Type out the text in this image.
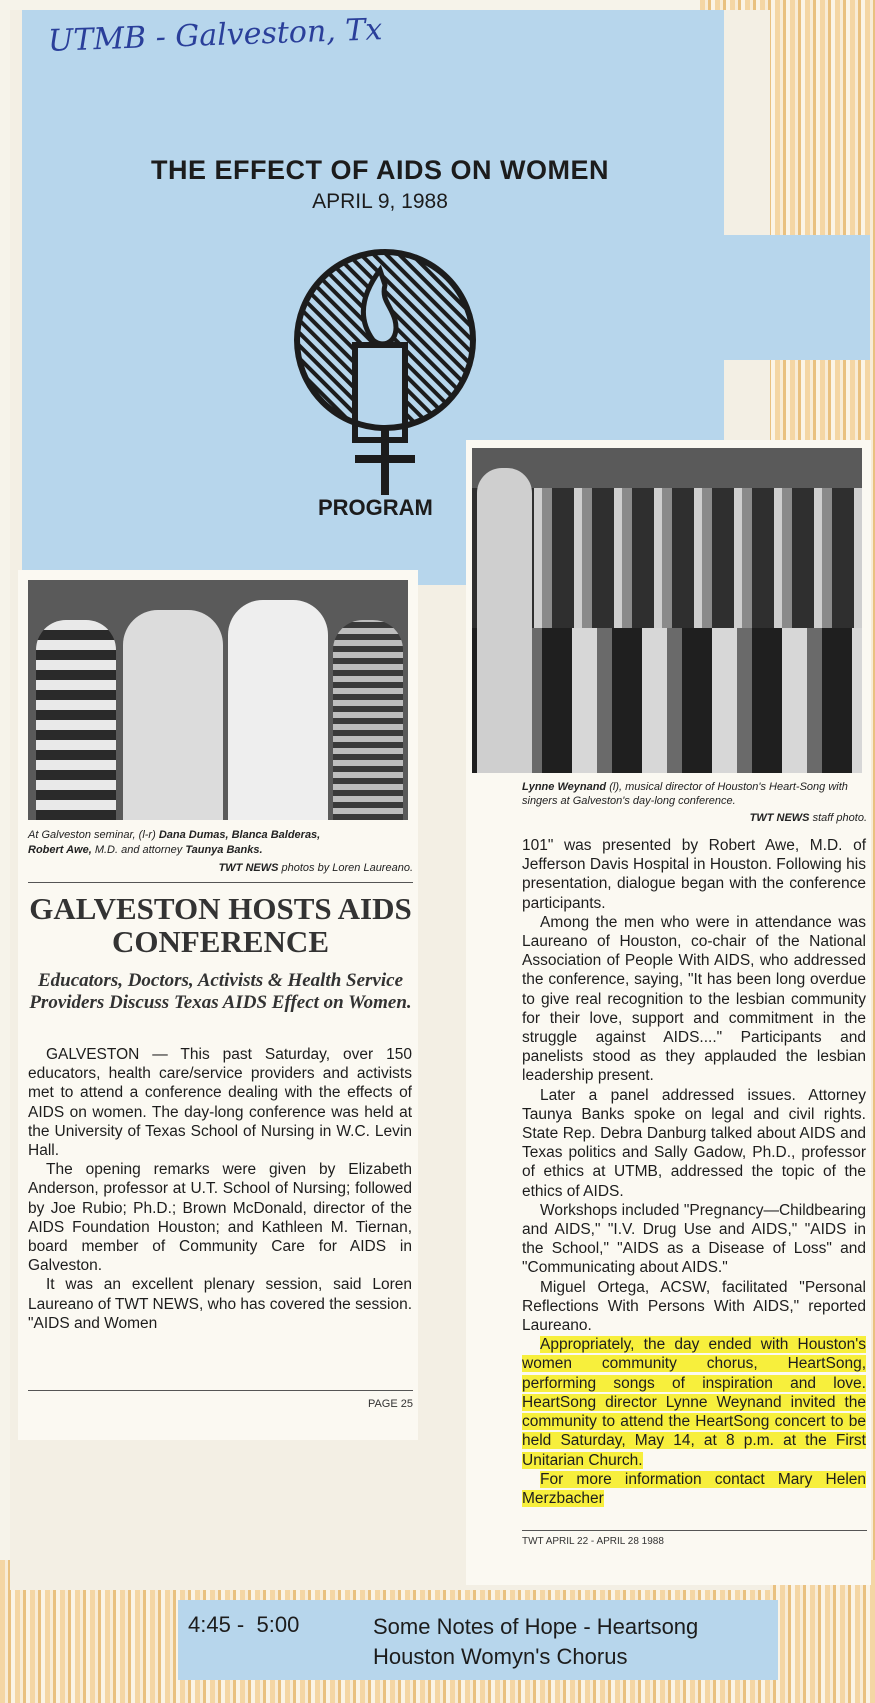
UTMB - Galveston, Tx
THE EFFECT OF AIDS ON WOMEN
APRIL 9, 1988
PROGRAM
At Galveston seminar, (l-r) Dana Dumas, Blanca Balderas,
Robert Awe, M.D. and attorney Taunya Banks.
TWT NEWS photos by Loren Laureano.
GALVESTON HOSTS AIDS CONFERENCE
Educators, Doctors, Activists & Health Service Providers Discuss Texas AIDS Effect on Women.

GALVESTON — This past Saturday, over 150 educators, health care/service providers and activists met to attend a conference dealing with the effects of AIDS on women. The day-long conference was held at the University of Texas School of Nursing in W.C. Levin Hall.

The opening remarks were given by Elizabeth Anderson, professor at U.T. School of Nursing; followed by Joe Rubio; Ph.D.; Brown McDonald, director of the AIDS Foundation Houston; and Kathleen M. Tiernan, board member of Community Care for AIDS in Galveston.

It was an excellent plenary session, said Loren Laureano of TWT NEWS, who has covered the session. "AIDS and Women

PAGE 25
Lynne Weynand (l), musical director of Houston's Heart-Song with singers at Galveston's day-long conference.
TWT NEWS staff photo.

101" was presented by Robert Awe, M.D. of Jefferson Davis Hospital in Houston. Following his presentation, dialogue began with the conference participants.

Among the men who were in attendance was Laureano of Houston, co-chair of the National Association of People With AIDS, who addressed the conference, saying, "It has been long overdue to give real recognition to the lesbian community for their love, support and commitment in the struggle against AIDS...." Participants and panelists stood as they applauded the lesbian leadership present.

Later a panel addressed issues. Attorney Taunya Banks spoke on legal and civil rights. State Rep. Debra Danburg talked about AIDS and Texas politics and Sally Gadow, Ph.D., professor of ethics at UTMB, addressed the topic of the ethics of AIDS.

Workshops included "Pregnancy—Childbearing and AIDS," "I.V. Drug Use and AIDS," "AIDS in the School," "AIDS as a Disease of Loss" and "Communicating about AIDS."

Miguel Ortega, ACSW, facilitated "Personal Reflections With Persons With AIDS," reported Laureano.

Appropriately, the day ended with Houston's women community chorus, HeartSong, performing songs of inspiration and love. HeartSong director Lynne Weynand invited the community to attend the HeartSong concert to be held Saturday, May 14, at 8 p.m. at the First Unitarian Church.

For more information contact Mary Helen Merzbacher

TWT APRIL 22 - APRIL 28 1988
4:45 -  5:00	Some Notes of Hope - Heartsong
Houston Womyn's Chorus
